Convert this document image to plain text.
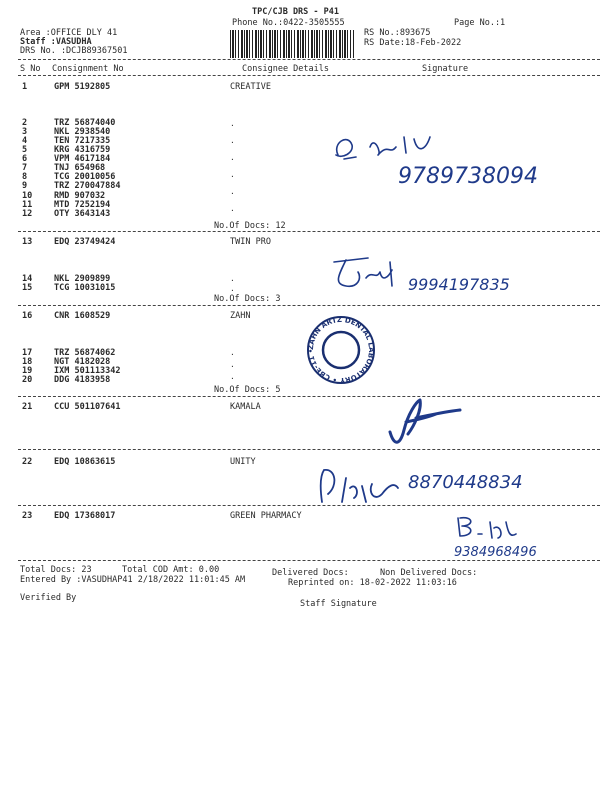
TPC/CJB DRS - P41
Phone No.:0422-3505555	Page No.:1
Area :OFFICE DLY 41
Staff :VASUDHA
DRS No. :DCJB89367501
RS No.:893675
RS Date:18-Feb-2022
S No Consignment No	Consignee Details	Signature
1	GPM 5192805	CREATIVE
2	TRZ 56874040
3	NKL 2938540
4	TEN 7217335
5	KRG 4316759
6	VPM 4617184
7	TNJ 654968
8	TCG 20010056
9	TRZ 270047884
10	RMD 907032
11	MTD 7252194
12	OTY 3643143
.
.
.
.
.
.
No.Of Docs: 12
13	EDQ 23749424	TWIN PRO
14	NKL 2909899
15	TCG 10031015
.
.
No.Of Docs: 3
16	CNR 1608529	ZAHN
17	TRZ 56874062
18	NGT 4182028
19	IXM 501113342
20	DDG 4183958
.
.
.
No.Of Docs: 5
21	CCU 501107641	KAMALA
22	EDQ 10863615	UNITY
23	EDQ 17368017	GREEN PHARMACY
9789738094
9994197835
ZAHN ARTZ DENTAL LABORATORY • CBE-11 •
8870448834
9384968496
Total Docs: 23	Total COD Amt: 0.00	Delivered Docs:	Non Delivered Docs:
Entered By :VASUDHAP41 2/18/2022 11:01:45 AM	Reprinted on: 18-02-2022 11:03:16
Verified By
Staff Signature
